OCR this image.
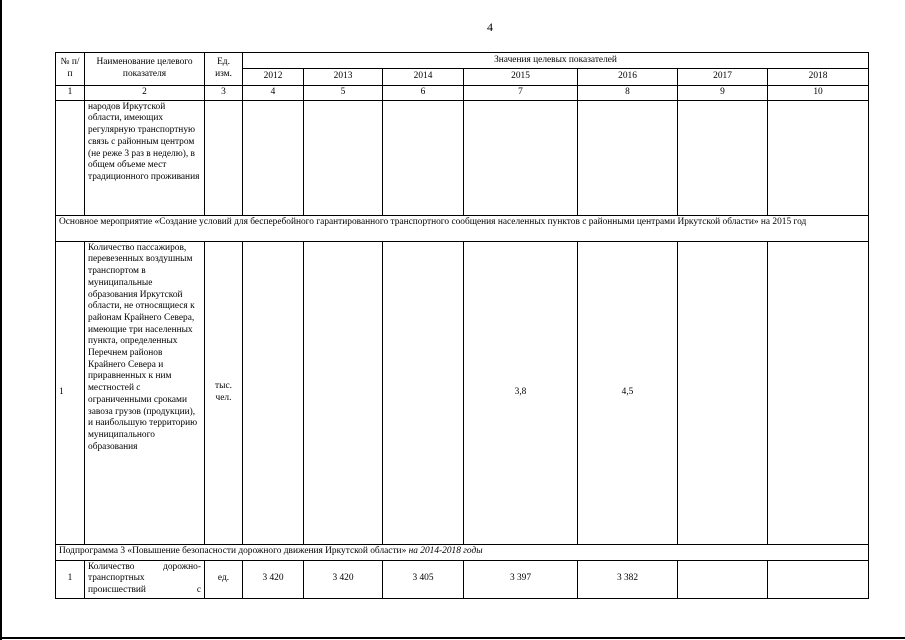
4
№ п/п	Наименование целевого показателя	Ед. изм.	Значения целевых показателей						
			2012	2013	2014	2015	2016	2017	2018
1	2	3	4	5	6	7	8	9	10
	народов Иркутской области, имеющих регулярную транспортную связь с районным центром (не реже 3 раз в неделю), в общем объеме мест традиционного проживания								
Основное мероприятие «Создание условий для бесперебойного гарантированного транспортного сообщения населенных пунктов с районными центрами Иркутской области» на 2015 год									
1	Количество пассажиров, перевезенных воздушным транспортом в муниципальные образования Иркутской области, не относящиеся к районам Крайнего Севера, имеющие три населенных пункта, определенных Перечнем районов Крайнего Севера и приравненных к ним местностей с ограниченными сроками завоза грузов (продукции), и наибольшую территорию муниципального образования	тыс. чел.				3,8	4,5		
Подпрограмма 3 «Повышение безопасности дорожного движения Иркутской области» на 2014-2018 годы									
1	Количество дорожно-
транспортных
происшествий с	ед.	3 420	3 420	3 405	3 397	3 382		
